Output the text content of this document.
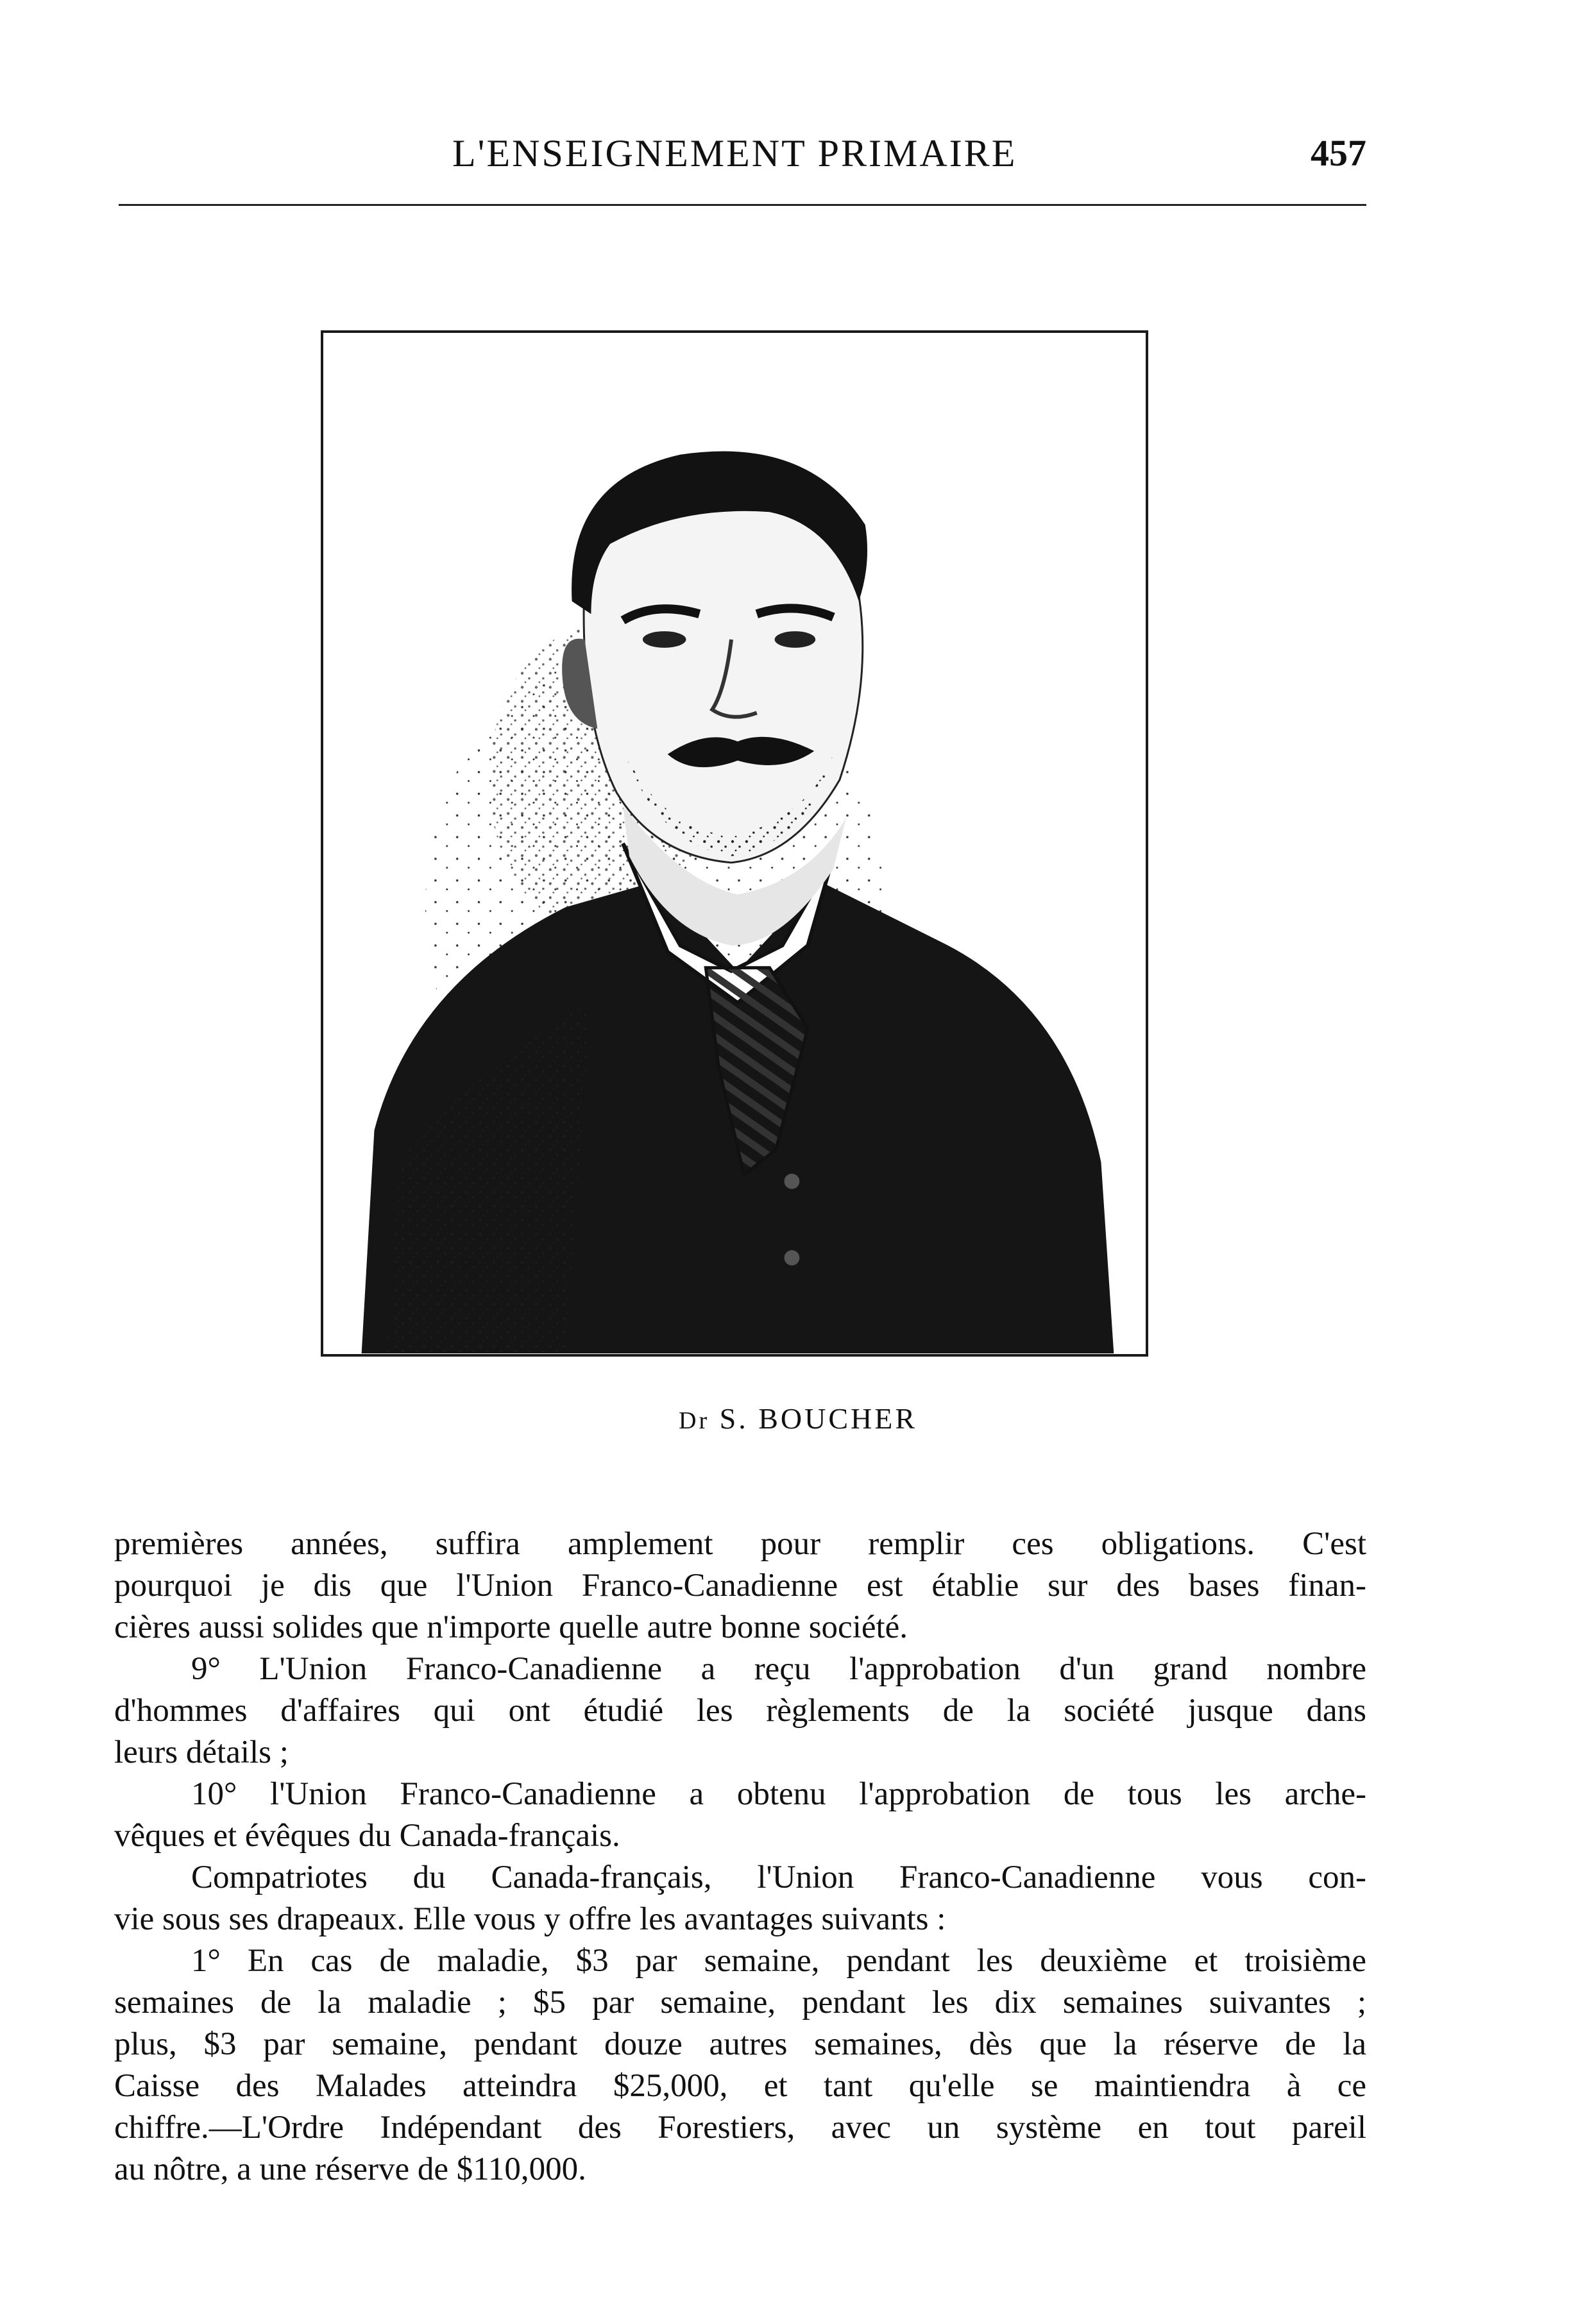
L'ENSEIGNEMENT PRIMAIRE	457
Dr S. BOUCHER
premières années, suffira amplement pour remplir ces obligations. C'est
pourquoi je dis que l'Union Franco-Canadienne est établie sur des bases finan-
cières aussi solides que n'importe quelle autre bonne société.
9° L'Union Franco-Canadienne a reçu l'approbation d'un grand nombre
d'hommes d'affaires qui ont étudié les règlements de la société jusque dans
leurs détails ;
10° l'Union Franco-Canadienne a obtenu l'approbation de tous les arche-
vêques et évêques du Canada-français.
Compatriotes du Canada-français, l'Union Franco-Canadienne vous con-
vie sous ses drapeaux. Elle vous y offre les avantages suivants :
1° En cas de maladie, $3 par semaine, pendant les deuxième et troisième
semaines de la maladie ; $5 par semaine, pendant les dix semaines suivantes ;
plus, $3 par semaine, pendant douze autres semaines, dès que la réserve de la
Caisse des Malades atteindra $25,000, et tant qu'elle se maintiendra à ce
chiffre.—L'Ordre Indépendant des Forestiers, avec un système en tout pareil
au nôtre, a une réserve de $110,000.
